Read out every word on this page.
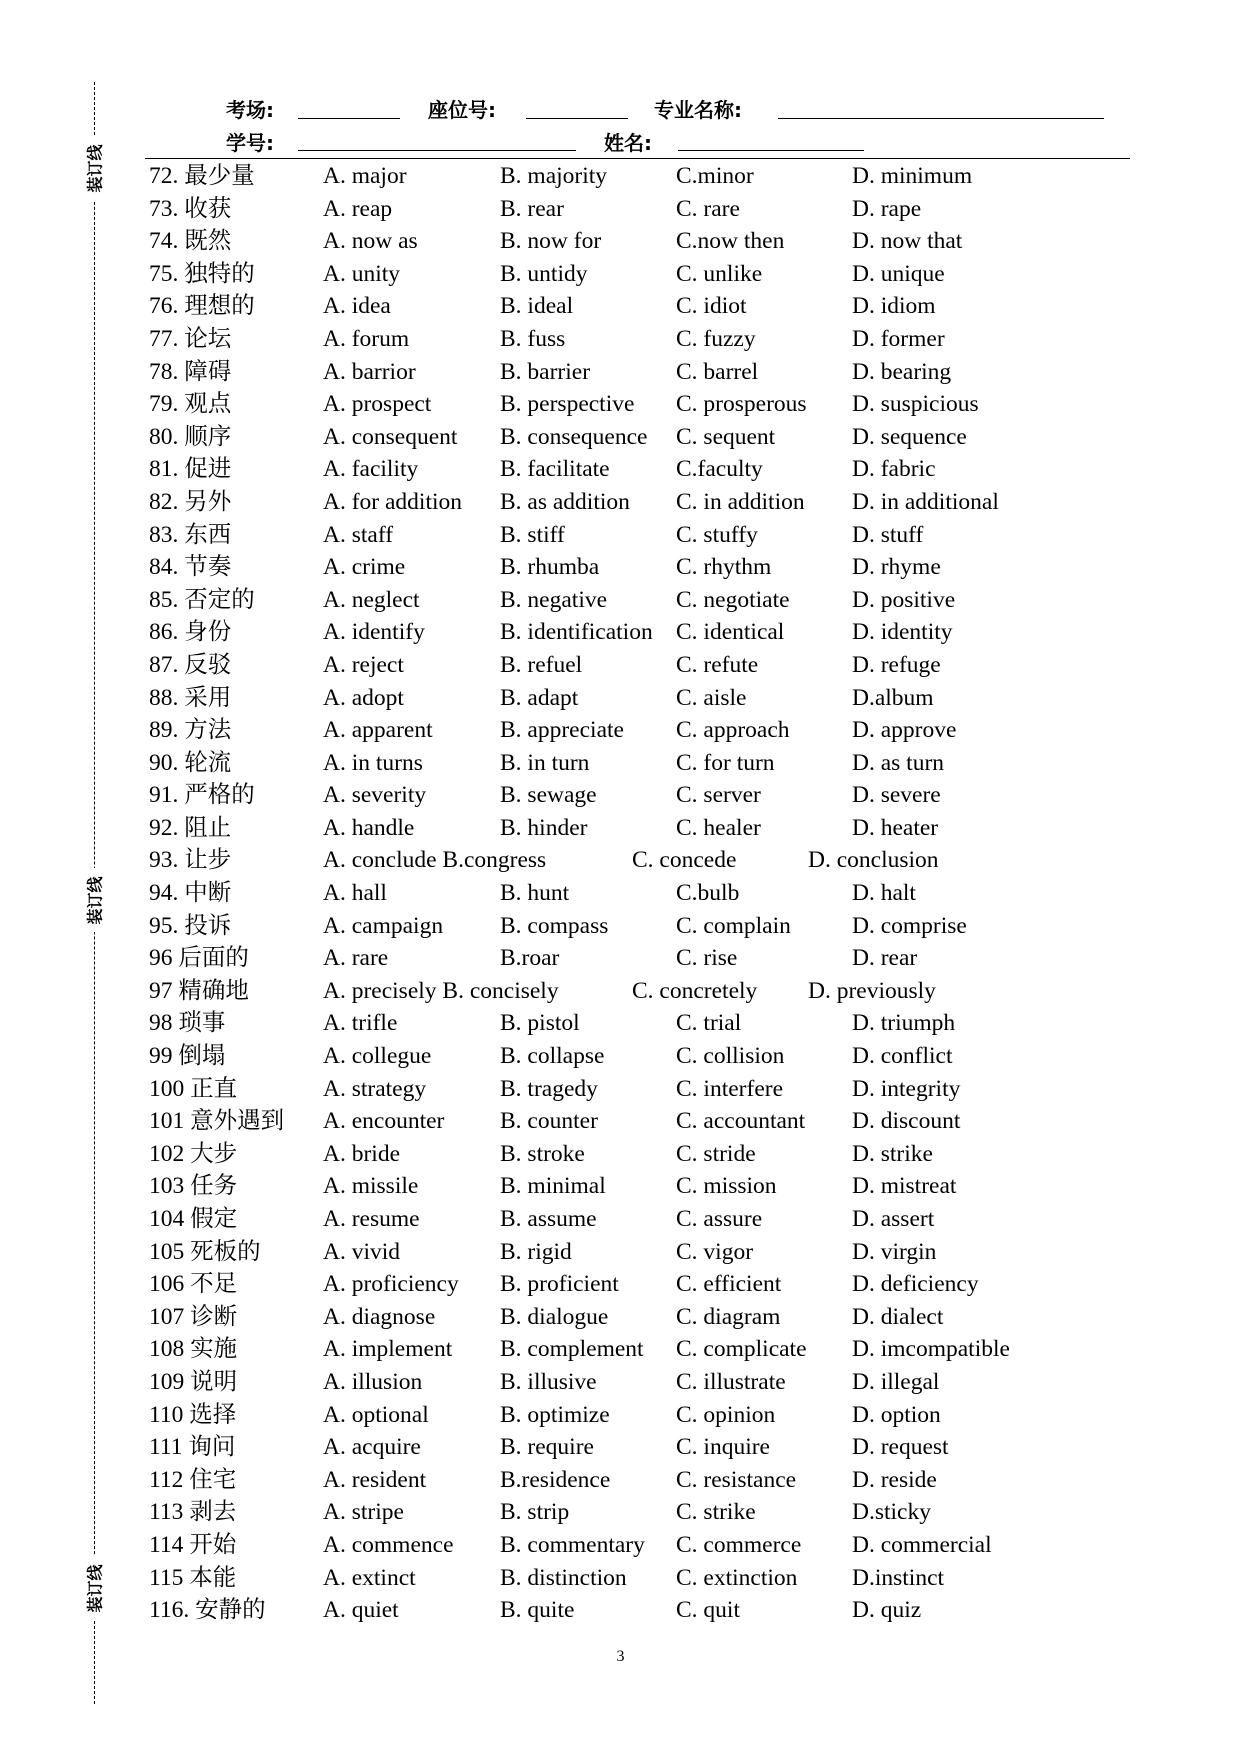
装订线
装订线
装订线
考场:	座位号:	专业名称:
学号:	姓名:
72. 最少量	A. major	B. majority	C.minor	D. minimum
73. 收获	A. reap	B. rear	C. rare	D. rape
74. 既然	A. now as	B. now for	C.now then	D. now that
75. 独特的	A. unity	B. untidy	C. unlike	D. unique
76. 理想的	A. idea	B. ideal	C. idiot	D. idiom
77. 论坛	A. forum	B. fuss	C. fuzzy	D. former
78. 障碍	A. barrior	B. barrier	C. barrel	D. bearing
79. 观点	A. prospect	B. perspective C. prosperous D. suspicious
80. 顺序	A. consequent B. consequence C. sequent	D. sequence
81. 促进	A. facility	B. facilitate	C.faculty	D. fabric
82. 另外	A. for addition B. as addition C. in addition D. in additional
83. 东西	A. staff	B. stiff	C. stuffy	D. stuff
84. 节奏	A. crime	B. rhumba	C. rhythm	D. rhyme
85. 否定的	A. neglect	B. negative	C. negotiate	D. positive
86. 身份	A. identify	B. identification C. identical	D. identity
87. 反驳	A. reject	B. refuel	C. refute	D. refuge
88. 采用	A. adopt	B. adapt	C. aisle	D.album
89. 方法	A. apparent	B. appreciate C. approach	D. approve
90. 轮流	A. in turns	B. in turn	C. for turn	D. as turn
91. 严格的	A. severity	B. sewage	C. server	D. severe
92. 阻止	A. handle	B. hinder	C. healer	D. heater
93. 让步	A. conclude B.congress	C. concede	D. conclusion
94. 中断	A. hall	B. hunt	C.bulb	D. halt
95. 投诉	A. campaign B. compass	C. complain	D. comprise
96 后面的	A. rare	B.roar	C. rise	D. rear
97 精确地	A. precisely B. concisely	C. concretely D. previously
98 琐事	A. trifle	B. pistol	C. trial	D. triumph
99 倒塌	A. collegue	B. collapse	C. collision	D. conflict
100 正直	A. strategy	B. tragedy	C. interfere	D. integrity
101 意外遇到 A. encounter B. counter	C. accountant D. discount
102 大步	A. bride	B. stroke	C. stride	D. strike
103 任务	A. missile	B. minimal	C. mission	D. mistreat
104 假定	A. resume	B. assume	C. assure	D. assert
105 死板的	A. vivid	B. rigid	C. vigor	D. virgin
106 不足	A. proficiency B. proficient C. efficient	D. deficiency
107 诊断	A. diagnose	B. dialogue	C. diagram	D. dialect
108 实施	A. implement B. complement C. complicate D. imcompatible
109 说明	A. illusion	B. illusive	C. illustrate	D. illegal
110 选择	A. optional	B. optimize	C. opinion	D. option
111 询问	A. acquire	B. require	C. inquire	D. request
112 住宅	A. resident	B.residence	C. resistance D. reside
113 剥去	A. stripe	B. strip	C. strike	D.sticky
114 开始	A. commence B. commentary C. commerce D. commercial
115 本能	A. extinct	B. distinction C. extinction D.instinct
116. 安静的 A. quiet	B. quite	C. quit	D. quiz
3
